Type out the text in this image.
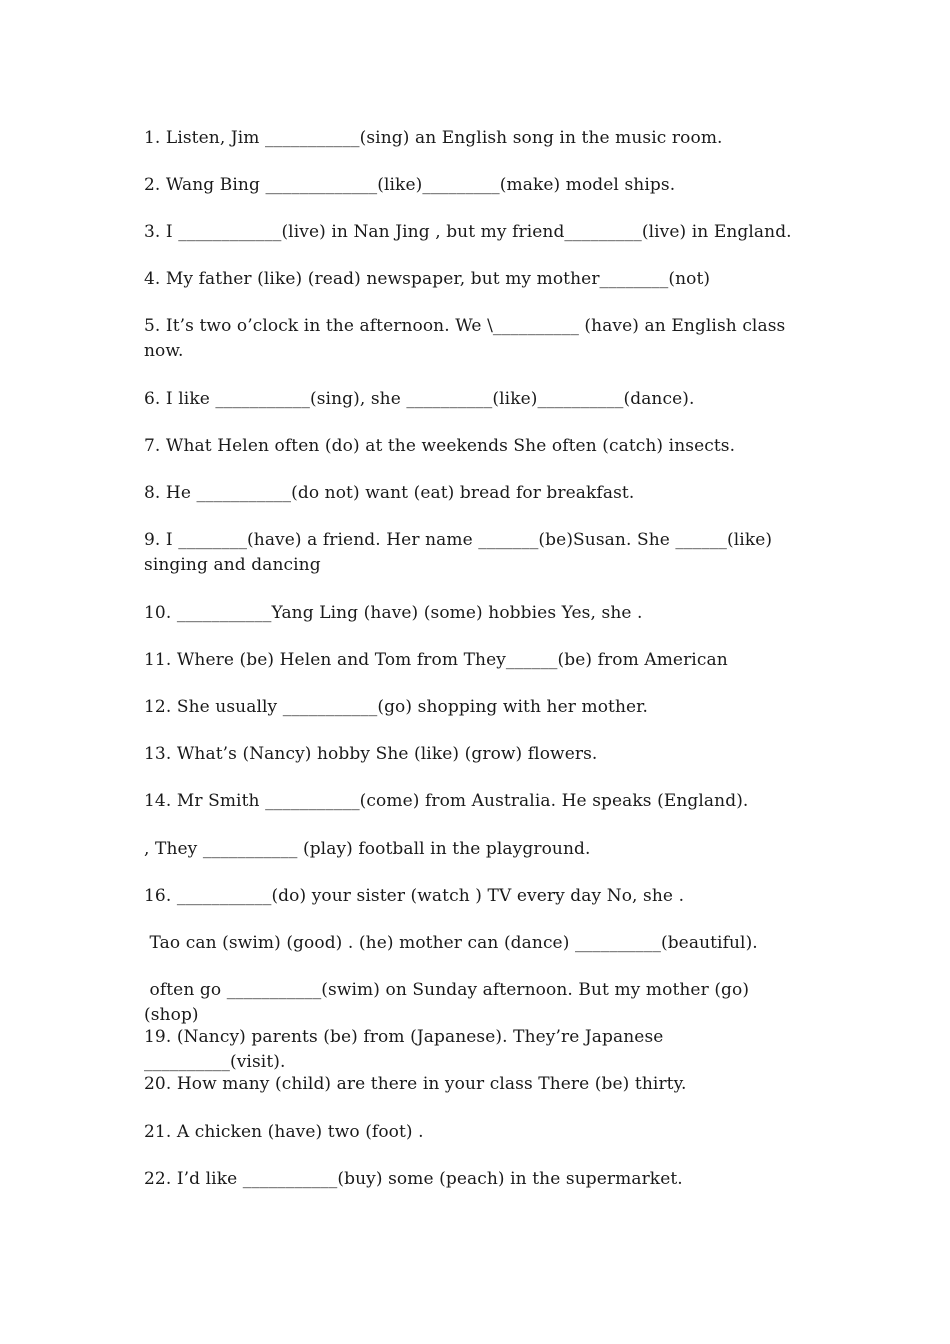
1. Listen, Jim ___________(sing) an English song in the music room.
2. Wang Bing _____________(like)_________(make) model ships.
3. I ____________(live) in Nan Jing , but my friend_________(live) in England.
4. My father (like) (read) newspaper, but my mother________(not)
5. It’s two o’clock in the afternoon. We \__________ (have) an English class now.
6. I like ___________(sing), she __________(like)__________(dance).
7. What Helen often (do) at the weekends She often (catch) insects.
8. He ___________(do not) want (eat) bread for breakfast.
9. I ________(have) a friend. Her name _______(be)Susan. She ______(like) singing and dancing
10. ___________Yang Ling (have) (some) hobbies Yes, she .
11. Where (be) Helen and Tom from They______(be) from American
12. She usually ___________(go) shopping with her mother.
13. What’s (Nancy) hobby She (like) (grow) flowers.
14. Mr Smith ___________(come) from Australia. He speaks (England).
, They ___________ (play) football in the playground.
16. ___________(do) your sister (watch ) TV every day No, she .
Tao can (swim) (good) . (he) mother can (dance) __________(beautiful).
often go ___________(swim) on Sunday afternoon. But my mother (go) (shop)
19. (Nancy) parents (be) from (Japanese). They’re Japanese __________(visit).
20. How many (child) are there in your class There (be) thirty.
21. A chicken (have) two (foot) .
22. I’d like ___________(buy) some (peach) in the supermarket.
